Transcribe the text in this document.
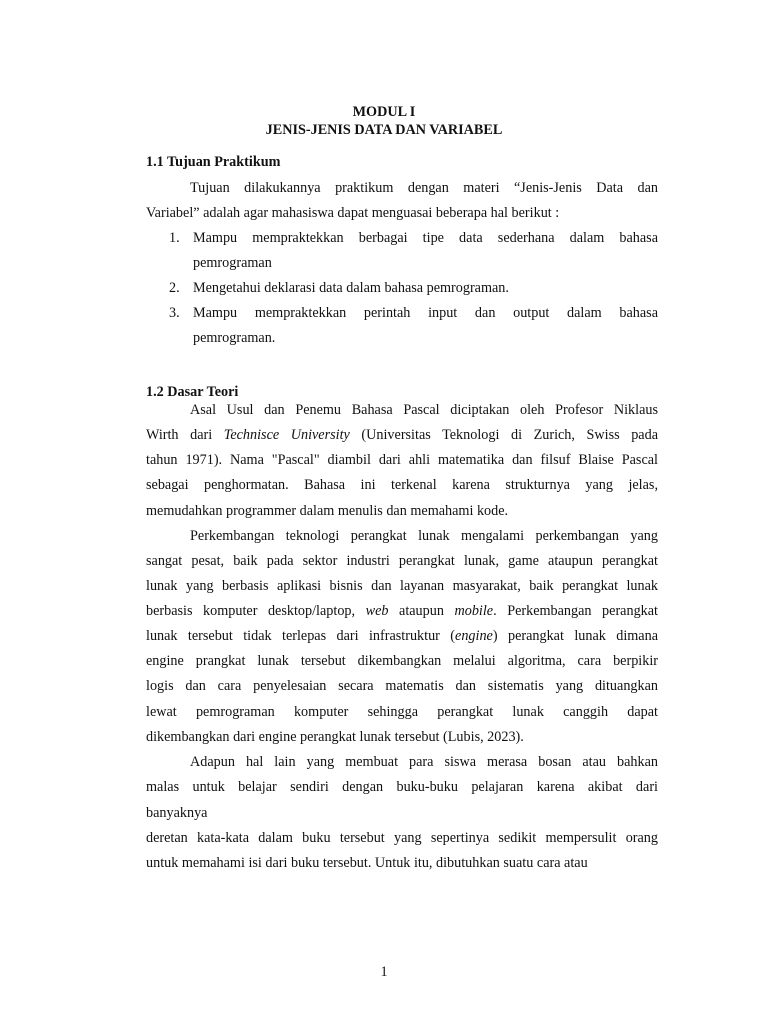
MODUL I
JENIS-JENIS DATA DAN VARIABEL
1.1 Tujuan Praktikum
Tujuan dilakukannya praktikum dengan materi “Jenis-Jenis Data dan
Variabel” adalah agar mahasiswa dapat menguasai beberapa hal berikut :
1. Mampu mempraktekkan berbagai tipe data sederhana dalam bahasa
pemrograman
2. Mengetahui deklarasi data dalam bahasa pemrograman.
3. Mampu mempraktekkan perintah input dan output dalam bahasa
pemrograman.
1.2 Dasar Teori
Asal Usul dan Penemu Bahasa Pascal diciptakan oleh Profesor Niklaus
Wirth dari Technisce University (Universitas Teknologi di Zurich, Swiss pada
tahun 1971). Nama "Pascal" diambil dari ahli matematika dan filsuf Blaise Pascal
sebagai penghormatan. Bahasa ini terkenal karena strukturnya yang jelas,
memudahkan programmer dalam menulis dan memahami kode.
Perkembangan teknologi perangkat lunak mengalami perkembangan yang
sangat pesat, baik pada sektor industri perangkat lunak, game ataupun perangkat
lunak yang berbasis aplikasi bisnis dan layanan masyarakat, baik perangkat lunak
berbasis komputer desktop/laptop, web ataupun mobile. Perkembangan perangkat
lunak tersebut tidak terlepas dari infrastruktur (engine) perangkat lunak dimana
engine prangkat lunak tersebut dikembangkan melalui algoritma, cara berpikir
logis dan cara penyelesaian secara matematis dan sistematis yang dituangkan
lewat pemrograman komputer sehingga perangkat lunak canggih dapat
dikembangkan dari engine perangkat lunak tersebut (Lubis, 2023).
Adapun hal lain yang membuat para siswa merasa bosan atau bahkan
malas untuk belajar sendiri dengan buku-buku pelajaran karena akibat dari
banyaknya
deretan kata-kata dalam buku tersebut yang sepertinya sedikit mempersulit orang
untuk memahami isi dari buku tersebut. Untuk itu, dibutuhkan suatu cara atau
1
